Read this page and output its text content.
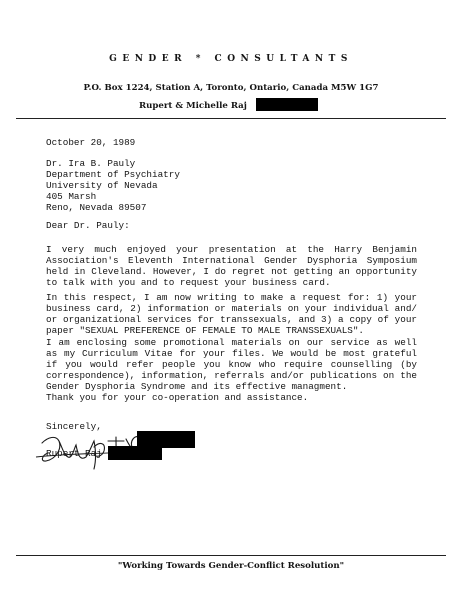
GENDER * CONSULTANTS
P.O. Box 1224, Station A, Toronto, Ontario, Canada M5W 1G7
Rupert & Michelle Raj
October 20, 1989
Dr. Ira B. Pauly
Department of Psychiatry
University of Nevada
405 Marsh
Reno, Nevada 89507
Dear Dr. Pauly:
I very much enjoyed your presentation at the Harry Benjamin Association's Eleventh International Gender Dysphoria Symposium held in Cleveland. However, I do regret not getting an opportunity to talk with you and to request your business card.
In this respect, I am now writing to make a request for: 1) your business card, 2) information or materials on your individual and/ or organizational services for transsexuals, and 3) a copy of your paper "SEXUAL PREFERENCE OF FEMALE TO MALE TRANSSEXUALS".
I am enclosing some promotional materials on our service as well as my Curriculum Vitae for your files. We would be most grateful if you would refer people you know who require counselling (by correspondence), information, referrals and/or publications on the Gender Dysphoria Syndrome and its effective managment.
Thank you for your co-operation and assistance.
Sincerely,
Rupert Raj
"Working Towards Gender-Conflict Resolution"
